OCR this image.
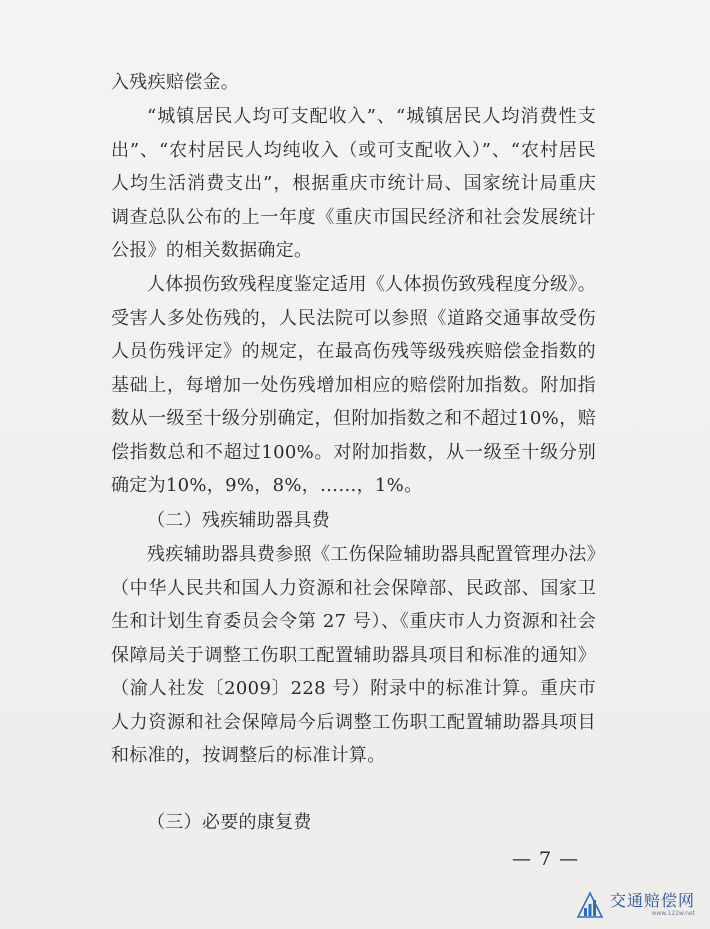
入残疾赔偿金。

“城镇居民人均可支配收入”、“城镇居民人均消费性支出”、“农村居民人均纯收入（或可支配收入）”、“农村居民人均生活消费支出”，根据重庆市统计局、国家统计局重庆调查总队公布的上一年度《重庆市国民经济和社会发展统计公报》的相关数据确定。

人体损伤致残程度鉴定适用《人体损伤致残程度分级》。受害人多处伤残的，人民法院可以参照《道路交通事故受伤人员伤残评定》的规定，在最高伤残等级残疾赔偿金指数的基础上，每增加一处伤残增加相应的赔偿附加指数。附加指数从一级至十级分别确定，但附加指数之和不超过10%，赔偿指数总和不超过100%。对附加指数，从一级至十级分别确定为10%，9%，8%，……，1%。

（二）残疾辅助器具费

残疾辅助器具费参照《工伤保险辅助器具配置管理办法》（中华人民共和国人力资源和社会保障部、民政部、国家卫生和计划生育委员会令第 27 号）、《重庆市人力资源和社会保障局关于调整工伤职工配置辅助器具项目和标准的通知》（渝人社发〔2009〕228 号）附录中的标准计算。重庆市人力资源和社会保障局今后调整工伤职工配置辅助器具项目和标准的，按调整后的标准计算。

（三）必要的康复费

— 7 —
交通赔偿网
www.122w.net
